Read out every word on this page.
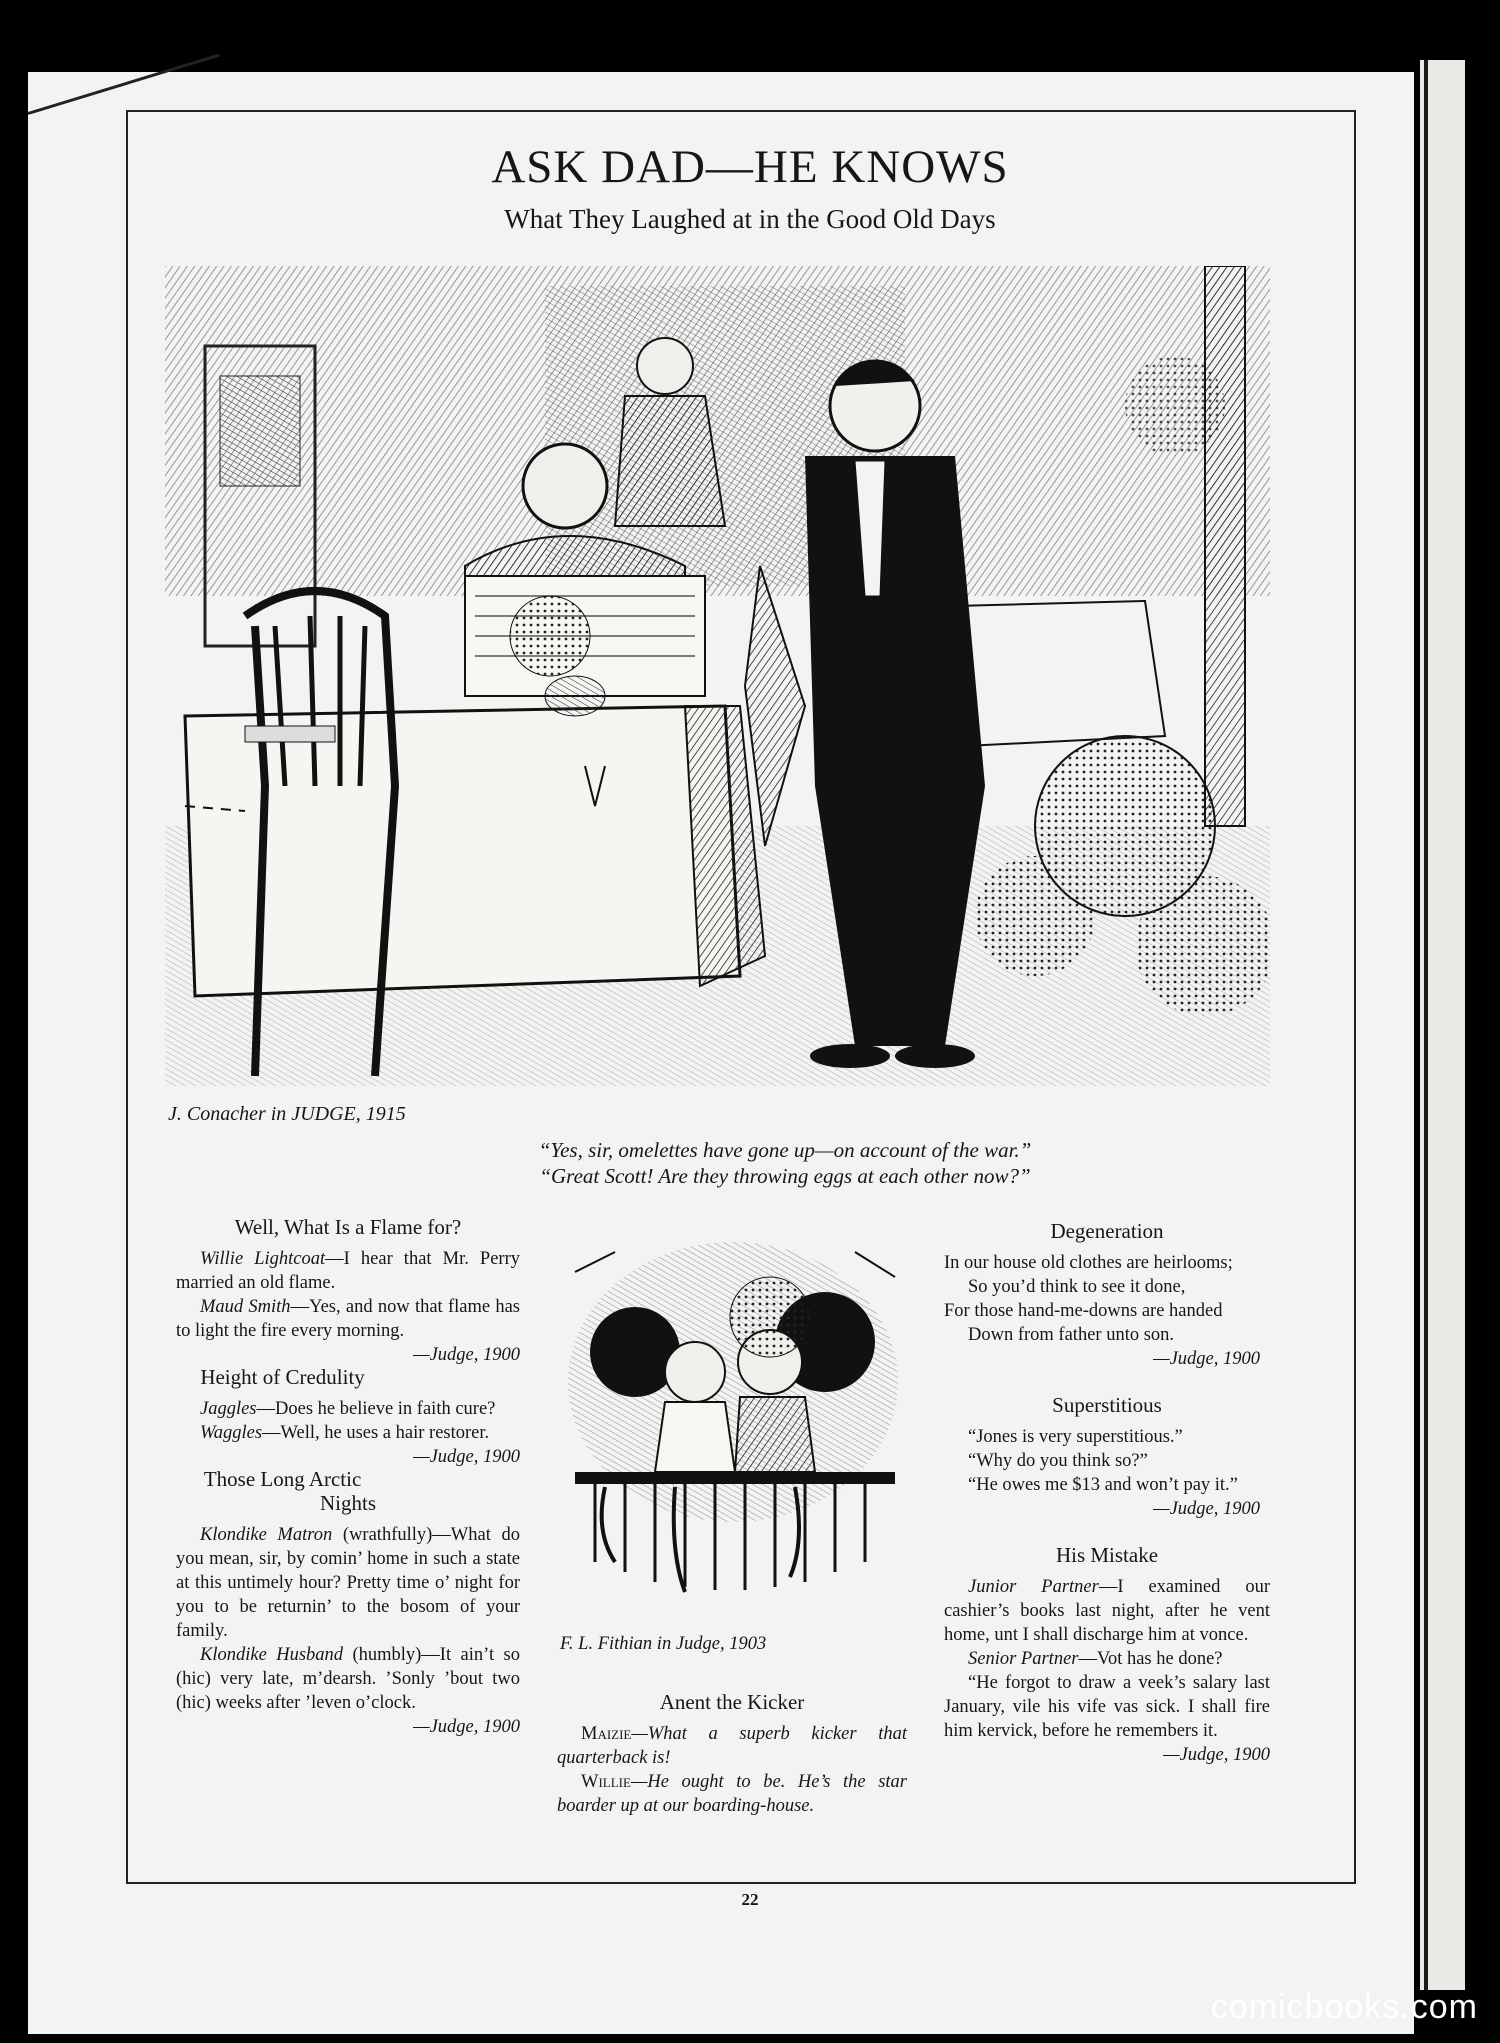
ASK DAD—HE KNOWS
What They Laughed at in the Good Old Days
J. Conacher in JUDGE, 1915
“Yes, sir, omelettes have gone up—on account of the war.”
“Great Scott! Are they throwing eggs at each other now?”
Well, What Is a Flame for?

Willie Lightcoat—I hear that Mr. Perry married an old flame.

Maud Smith—Yes, and now that flame has to light the fire every morning.
—Judge, 1900

Height of Credulity

Jaggles—Does he believe in faith cure?

Waggles—Well, he uses a hair restorer.
—Judge, 1900

Those Long Arctic Nights

Klondike Matron (wrathfully)—What do you mean, sir, by comin’ home in such a state at this untimely hour? Pretty time o’ night for you to be returnin’ to the bosom of your family.

Klondike Husband (humbly)—It ain’t so (hic) very late, m’dearsh. ’Sonly ’bout two (hic) weeks after ’leven o’clock.
—Judge, 1900

F. L. Fithian in Judge, 1903
Anent the Kicker

Maizie—What a superb kicker that quarterback is!

Willie—He ought to be. He’s the star boarder up at our boarding-house.

Degeneration

In our house old clothes are heirlooms;

So you’d think to see it done,

For those hand-me-downs are handed

Down from father unto son.

—Judge, 1900

Superstitious

“Jones is very superstitious.”

“Why do you think so?”

“He owes me $13 and won’t pay it.”

—Judge, 1900

His Mistake

Junior Partner—I examined our cashier’s books last night, after he vent home, unt I shall discharge him at vonce.

Senior Partner—Vot has he done?

“He forgot to draw a veek’s salary last January, vile his vife vas sick. I shall fire him kervick, before he remembers it.
—Judge, 1900

22
comicbooks.com
